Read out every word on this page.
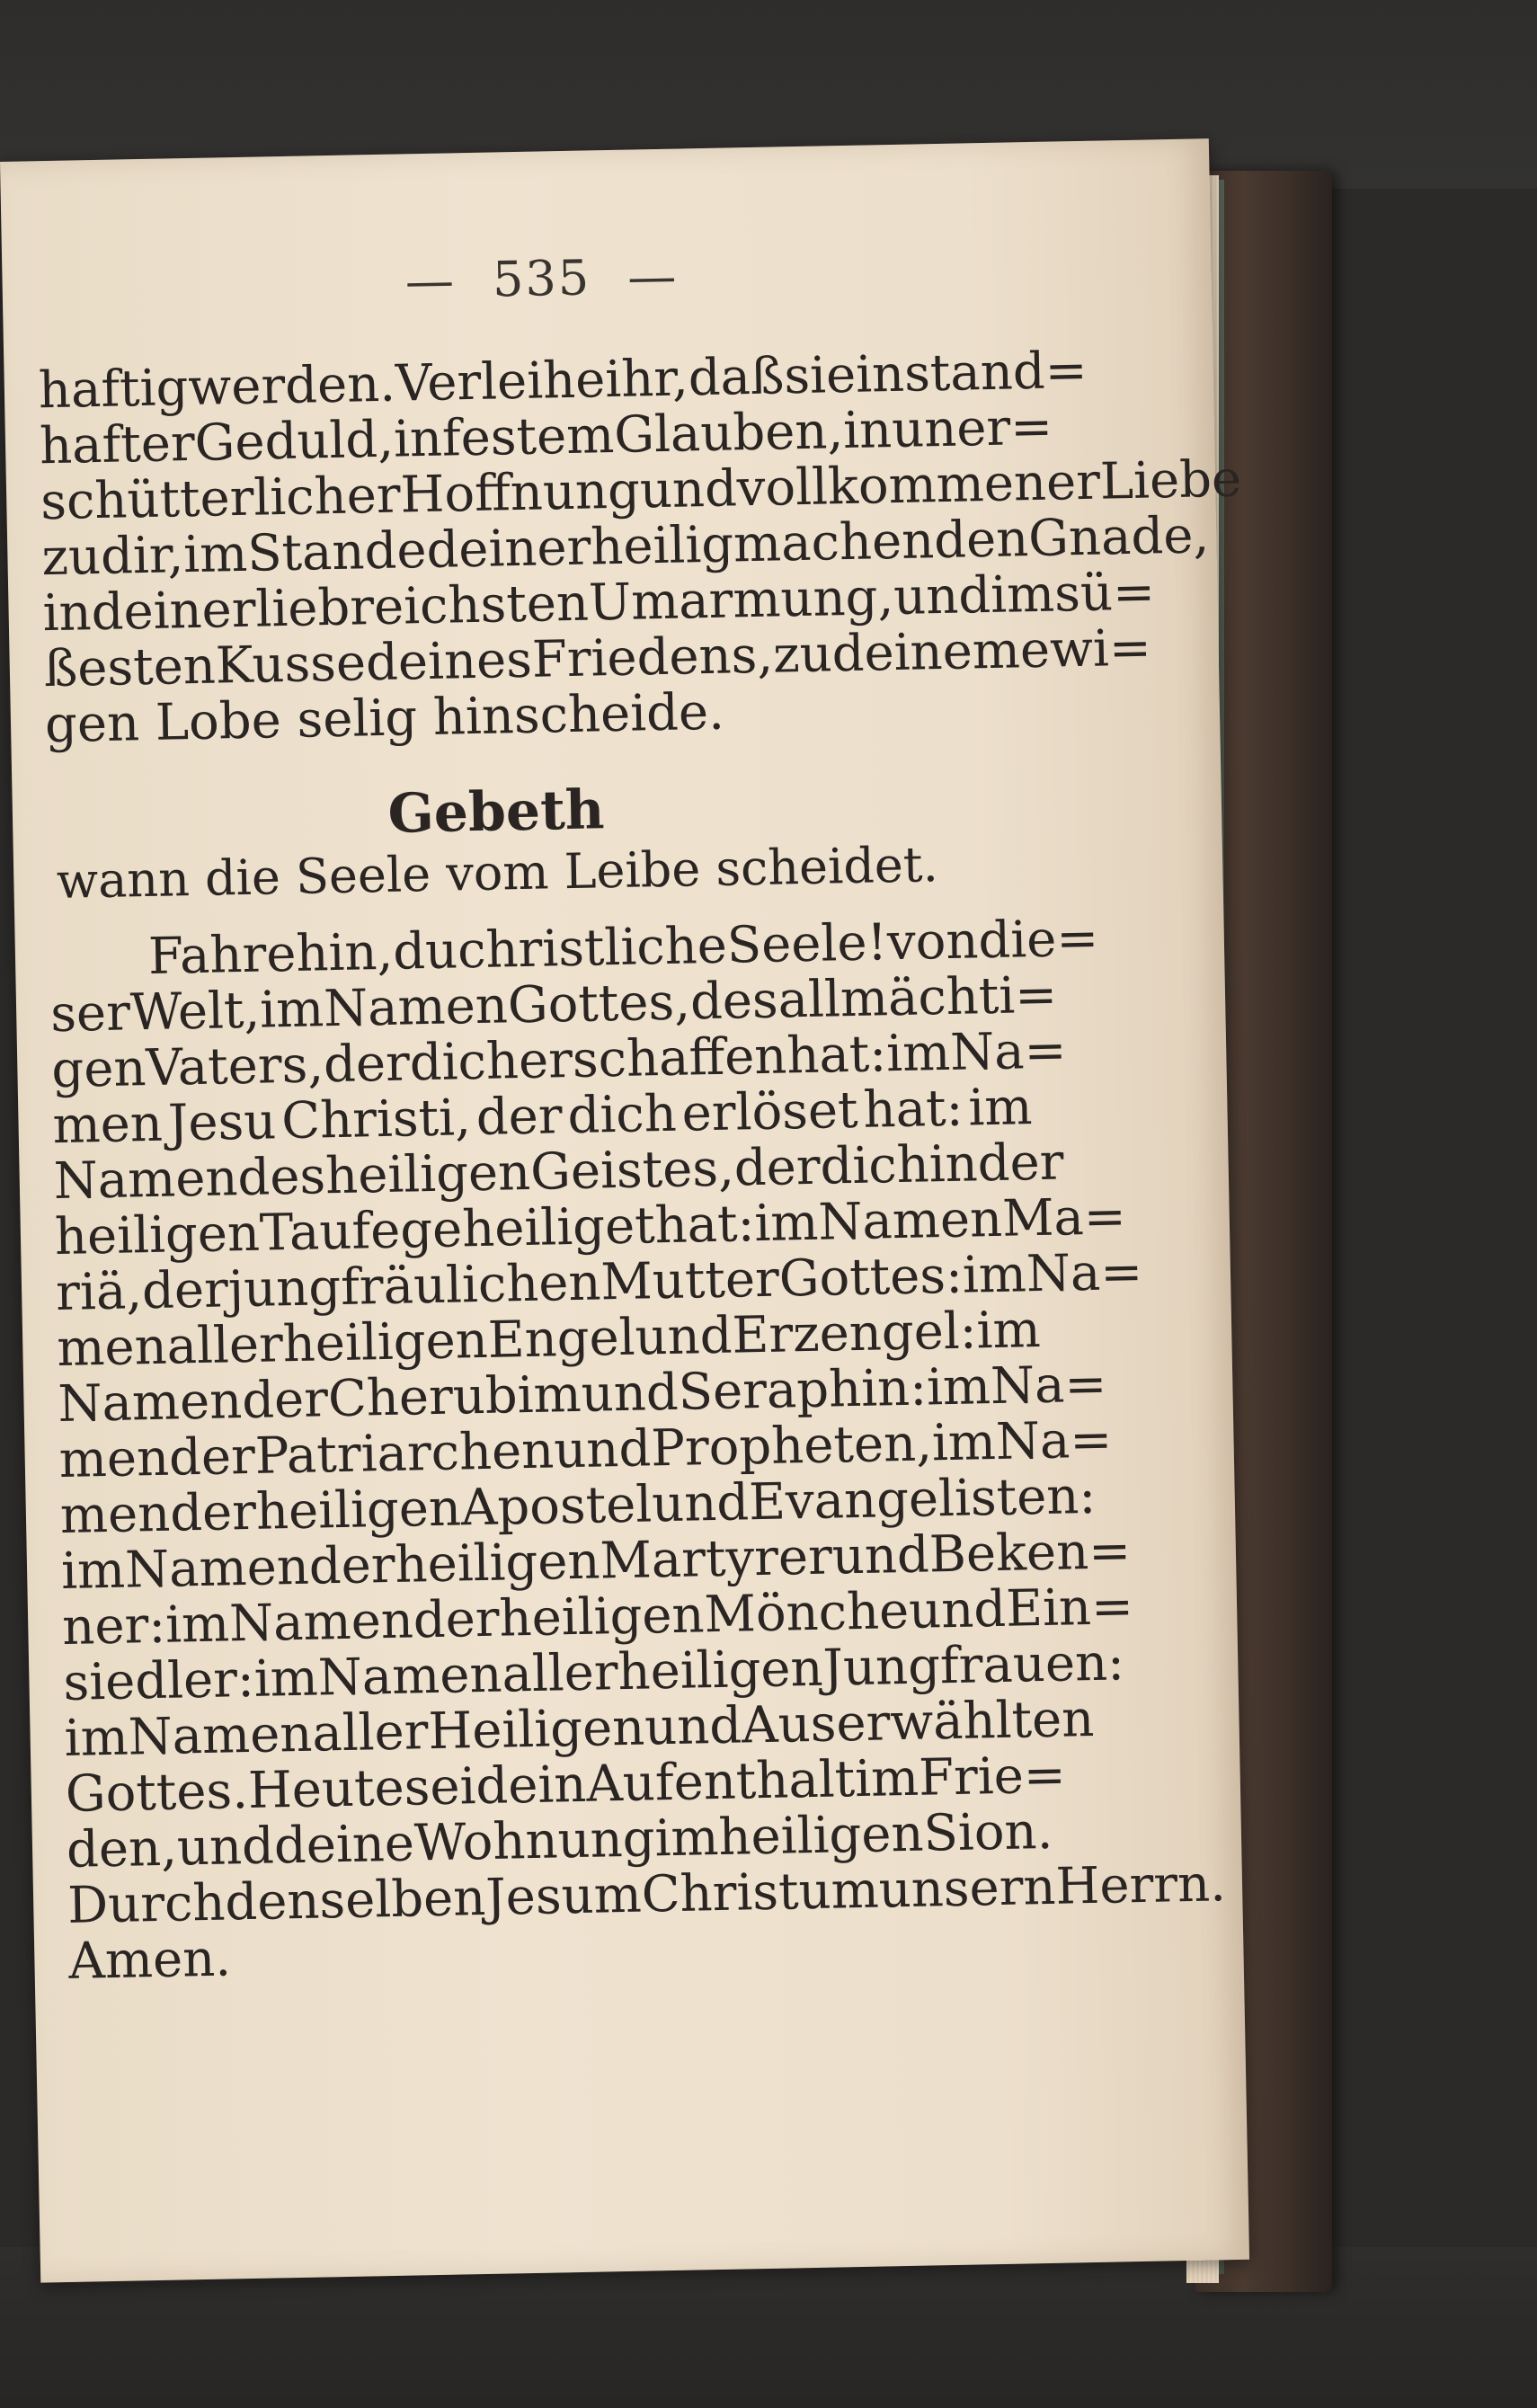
— 535 —
haftig
werden.
Verleihe
ihr,
daß
sie
in
stand=
hafter
Geduld,
in
festem
Glauben,
in
uner=
schütterlicher
Hoffnung
und
vollkommener
Liebe
zu
dir,
im
Stande
deiner
heiligmachenden
Gnade,
in
deiner
liebreichsten
Umarmung,
und
im
sü=
ßesten
Kusse
deines
Friedens,
zu
deinem
ewi=
gen Lobe selig hinscheide.
Gebeth
wann die Seele vom Leibe scheidet.
Fahre
hin,
du
christliche
Seele!
von
die=
ser
Welt,
im
Namen
Gottes,
des
allmächti=
gen
Vaters,
der
dich
erschaffen
hat:
im
Na=
men Jesu Christi, der dich erlöset hat: im
Namen
des
heiligen
Geistes,
der
dich
in
der
heiligen
Taufe
geheiliget
hat:
im
Namen
Ma=
riä,
der
jungfräulichen
Mutter
Gottes:
im
Na=
men
aller
heiligen
Engel
und
Erzengel:
im
Namen
der
Cherubim
und
Seraphin:
im
Na=
men
der
Patriarchen
und
Propheten,
im
Na=
men
der
heiligen
Apostel
und
Evangelisten:
im
Namen
der
heiligen
Martyrer
und
Beken=
ner:
im
Namen
der
heiligen
Mönche
und
Ein=
siedler:
im
Namen
aller
heiligen
Jungfrauen:
im
Namen
aller
Heiligen
und
Auserwählten
Gottes.
Heute
sei
dein
Aufenthalt
im
Frie=
den,
und
deine
Wohnung
im
heiligen
Sion.
Durch
denselben
Jesum
Christum
unsern
Herrn.
Amen.
